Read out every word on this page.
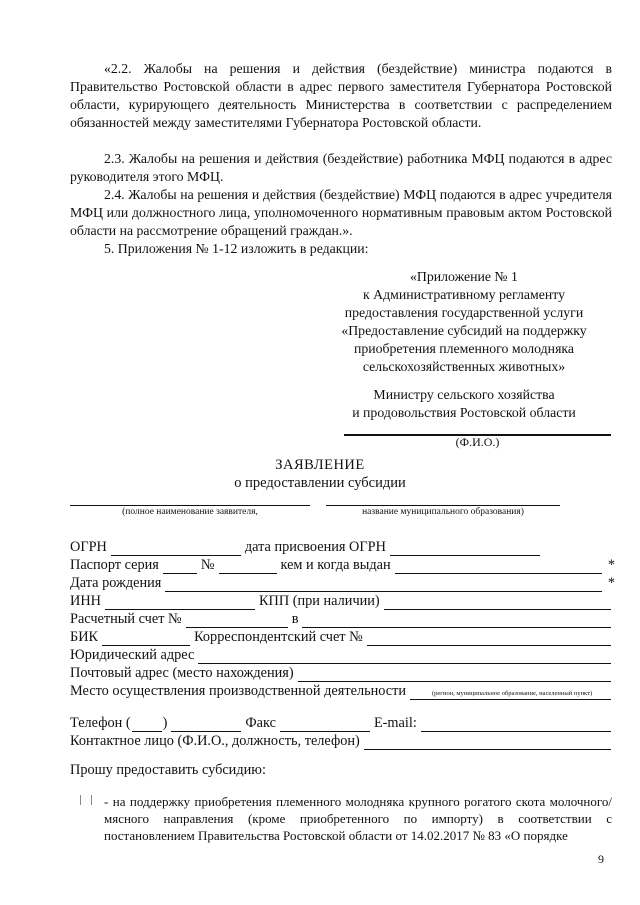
«2.2. Жалобы на решения и действия (бездействие) министра подаются в Правительство Ростовской области в адрес первого заместителя Губернатора Ростовской области, курирующего деятельность Министерства в соответствии с распределением обязанностей между заместителями Губернатора Ростовской области.

2.3. Жалобы на решения и действия (бездействие) работника МФЦ подаются в адрес руководителя этого МФЦ.

2.4. Жалобы на решения и действия (бездействие) МФЦ подаются в адрес учредителя МФЦ или должностного лица, уполномоченного нормативным правовым актом Ростовской области на рассмотрение обращений граждан.».

5. Приложения № 1-12 изложить в редакции:

«Приложение № 1
к Административному регламенту
предоставления государственной услуги
«Предоставление субсидий на поддержку
приобретения племенного молодняка
сельскохозяйственных животных»
Министру сельского хозяйства
и продовольствия Ростовской области
(Ф.И.О.)
ЗАЯВЛЕНИЕ
о предоставлении субсидии
(полное наименование заявителя,	название муниципального образования)
ОГРН	дата присвоения ОГРН
Паспорт серия	№	кем и когда выдан	*
Дата рождения	*
ИНН	КПП (при наличии)
Расчетный счет №	в
БИК	Корреспондентский счет №
Юридический адрес
Почтовый адрес (место нахождения)
Место осуществления производственной деятельности
Телефон ( )	Факс	E-mail:
Контактное лицо (Ф.И.О., должность, телефон)
(регион, муниципальное образование, населенный пункт)
Прошу предоставить субсидию:

- на поддержку приобретения племенного молодняка крупного рогатого скота молочного/мясного направления (кроме приобретенного по импорту) в соответствии с постановлением Правительства Ростовской области от 14.02.2017 № 83 «О порядке

9
